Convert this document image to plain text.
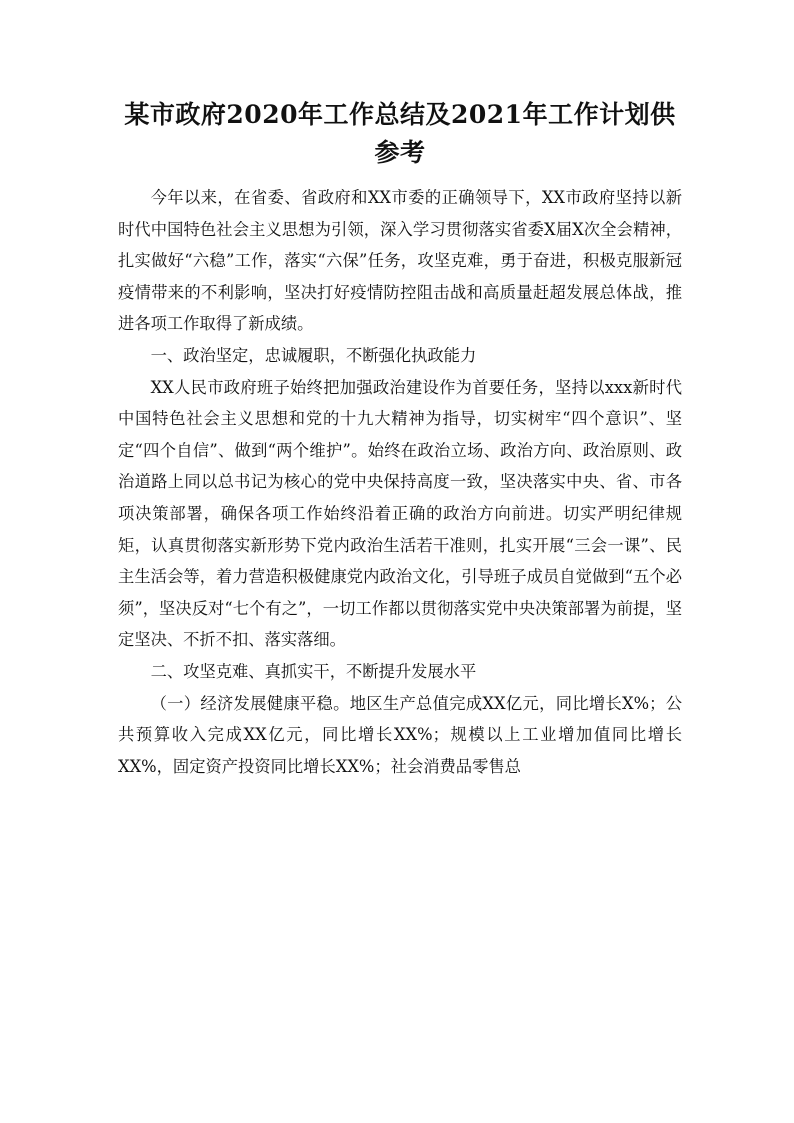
某市政府2020年工作总结及2021年工作计划供
参考

今年以来，在省委、省政府和XX市委的正确领导下，XX市政府坚持以新时代中国特色社会主义思想为引领，深入学习贯彻落实省委X届X次全会精神，扎实做好“六稳”工作，落实“六保”任务，攻坚克难，勇于奋进，积极克服新冠疫情带来的不利影响，坚决打好疫情防控阻击战和高质量赶超发展总体战，推进各项工作取得了新成绩。

一、政治坚定，忠诚履职，不断强化执政能力

XX人民市政府班子始终把加强政治建设作为首要任务，坚持以xxx新时代中国特色社会主义思想和党的十九大精神为指导，切实树牢“四个意识”、坚定“四个自信”、做到“两个维护”。始终在政治立场、政治方向、政治原则、政治道路上同以总书记为核心的党中央保持高度一致，坚决落实中央、省、市各项决策部署，确保各项工作始终沿着正确的政治方向前进。切实严明纪律规矩，认真贯彻落实新形势下党内政治生活若干准则，扎实开展“三会一课”、民主生活会等，着力营造积极健康党内政治文化，引导班子成员自觉做到“五个必须”，坚决反对“七个有之”，一切工作都以贯彻落实党中央决策部署为前提，坚定坚决、不折不扣、落实落细。

二、攻坚克难、真抓实干，不断提升发展水平

（一）经济发展健康平稳。地区生产总值完成XX亿元，同比增长X%；公共预算收入完成XX亿元，同比增长XX%；规模以上工业增加值同比增长XX%，固定资产投资同比增长XX%；社会消费品零售总
